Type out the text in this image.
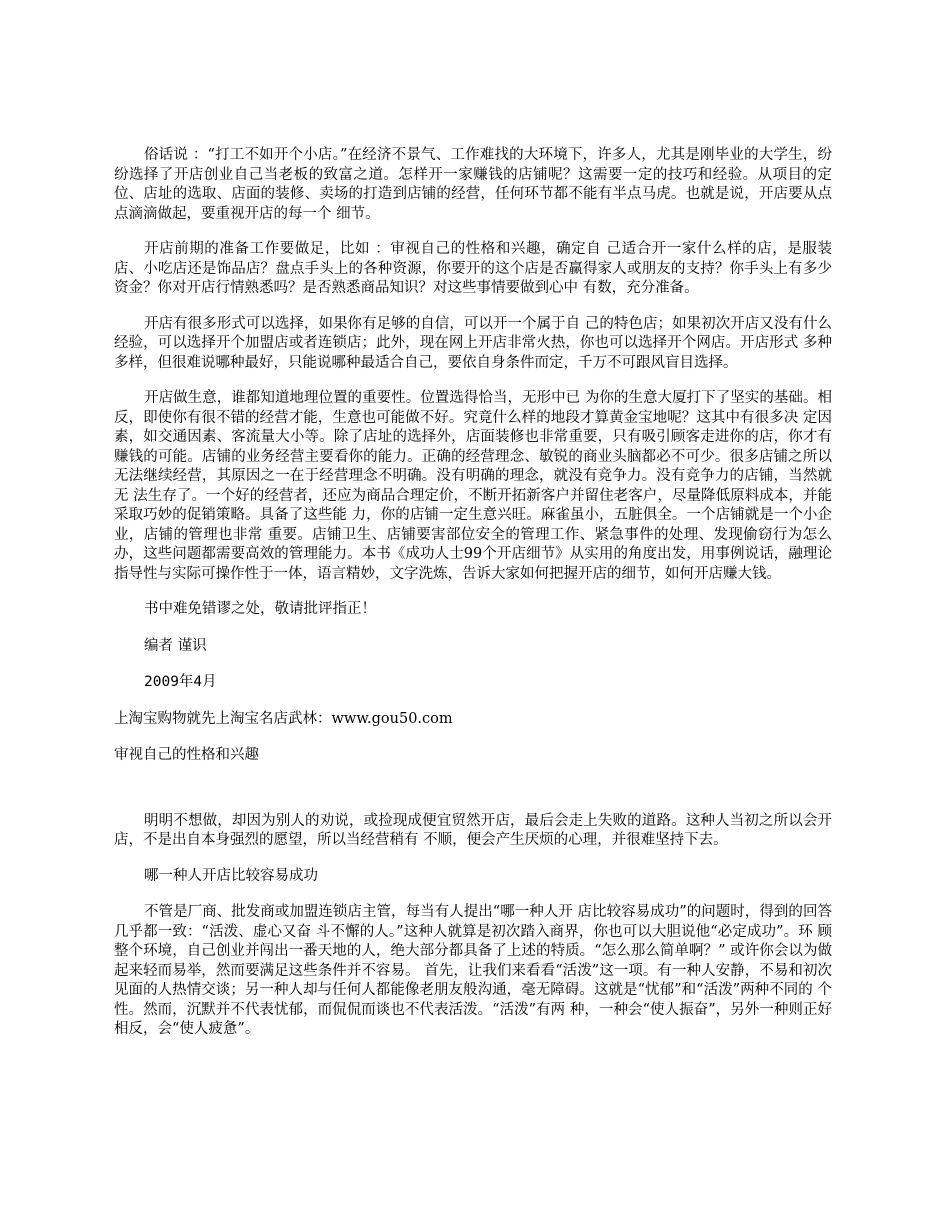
俗话说 ：“打工不如开个小店。”在经济不景气、工作难找的大环境下，许多人，尤其是刚毕业的大学生，纷纷选择了开店创业自己当老板的致富之道。怎样开一家赚钱的店铺呢？这需要一定的技巧和经验。从项目的定 位、店址的选取、店面的装修、卖场的打造到店铺的经营，任何环节都不能有半点马虎。也就是说，开店要从点点滴滴做起，要重视开店的每一个 细节。

开店前期的准备工作要做足，比如 ：审视自己的性格和兴趣，确定自 己适合开一家什么样的店，是服装店、小吃店还是饰品店？盘点手头上的各种资源，你要开的这个店是否赢得家人或朋友的支持？你手头上有多少 资金？你对开店行情熟悉吗？是否熟悉商品知识？对这些事情要做到心中 有数，充分准备。

开店有很多形式可以选择，如果你有足够的自信，可以开一个属于自 己的特色店；如果初次开店又没有什么经验，可以选择开个加盟店或者连锁店；此外，现在网上开店非常火热，你也可以选择开个网店。开店形式 多种多样，但很难说哪种最好，只能说哪种最适合自己，要依自身条件而定，千万不可跟风盲目选择。

开店做生意，谁都知道地理位置的重要性。位置选得恰当，无形中已 为你的生意大厦打下了坚实的基础。相反，即使你有很不错的经营才能，生意也可能做不好。究竟什么样的地段才算黄金宝地呢？这其中有很多决 定因素，如交通因素、客流量大小等。除了店址的选择外，店面装修也非常重要，只有吸引顾客走进你的店，你才有赚钱的可能。店铺的业务经营主要看你的能力。正确的经营理念、敏锐的商业头脑都必不可少。很多店铺之所以无法继续经营，其原因之一在于经营理念不明确。没有明确的理念，就没有竞争力。没有竞争力的店铺，当然就无 法生存了。一个好的经营者，还应为商品合理定价，不断开拓新客户并留住老客户，尽量降低原料成本，并能采取巧妙的促销策略。具备了这些能 力，你的店铺一定生意兴旺。麻雀虽小，五脏俱全。一个店铺就是一个小企业，店铺的管理也非常 重要。店铺卫生、店铺要害部位安全的管理工作、紧急事件的处理、发现偷窃行为怎么办，这些问题都需要高效的管理能力。本书《成功人士99个开店细节》从实用的角度出发，用事例说话，融理论指导性与实际可操作性于一体，语言精妙，文字洗炼，告诉大家如何把握开店的细节，如何开店赚大钱。

书中难免错谬之处，敬请批评指正！

编者 谨识

2009年4月

上淘宝购物就先上淘宝名店武林：www.gou50.com

审视自己的性格和兴趣

明明不想做，却因为别人的劝说，或捡现成便宜贸然开店，最后会走上失败的道路。这种人当初之所以会开店，不是出自本身强烈的愿望，所以当经营稍有 不顺，便会产生厌烦的心理，并很难坚持下去。

哪一种人开店比较容易成功

不管是厂商、批发商或加盟连锁店主管，每当有人提出“哪一种人开 店比较容易成功”的问题时，得到的回答几乎都一致：“活泼、虚心又奋 斗不懈的人。”这种人就算是初次踏入商界，你也可以大胆说他“必定成功”。环 顾整个环境，自己创业并闯出一番天地的人，绝大部分都具备了上述的特质。“怎么那么简单啊？” 或许你会以为做起来轻而易举，然而要满足这些条件并不容易。 首先，让我们来看看“活泼”这一项。有一种人安静，不易和初次见面的人热情交谈；另一种人却与任何人都能像老朋友般沟通，毫无障碍。这就是“忧郁”和“活泼”两种不同的 个性。然而，沉默并不代表忧郁，而侃侃而谈也不代表活泼。“活泼”有两 种，一种会“使人振奋”，另外一种则正好相反，会“使人疲惫”。
